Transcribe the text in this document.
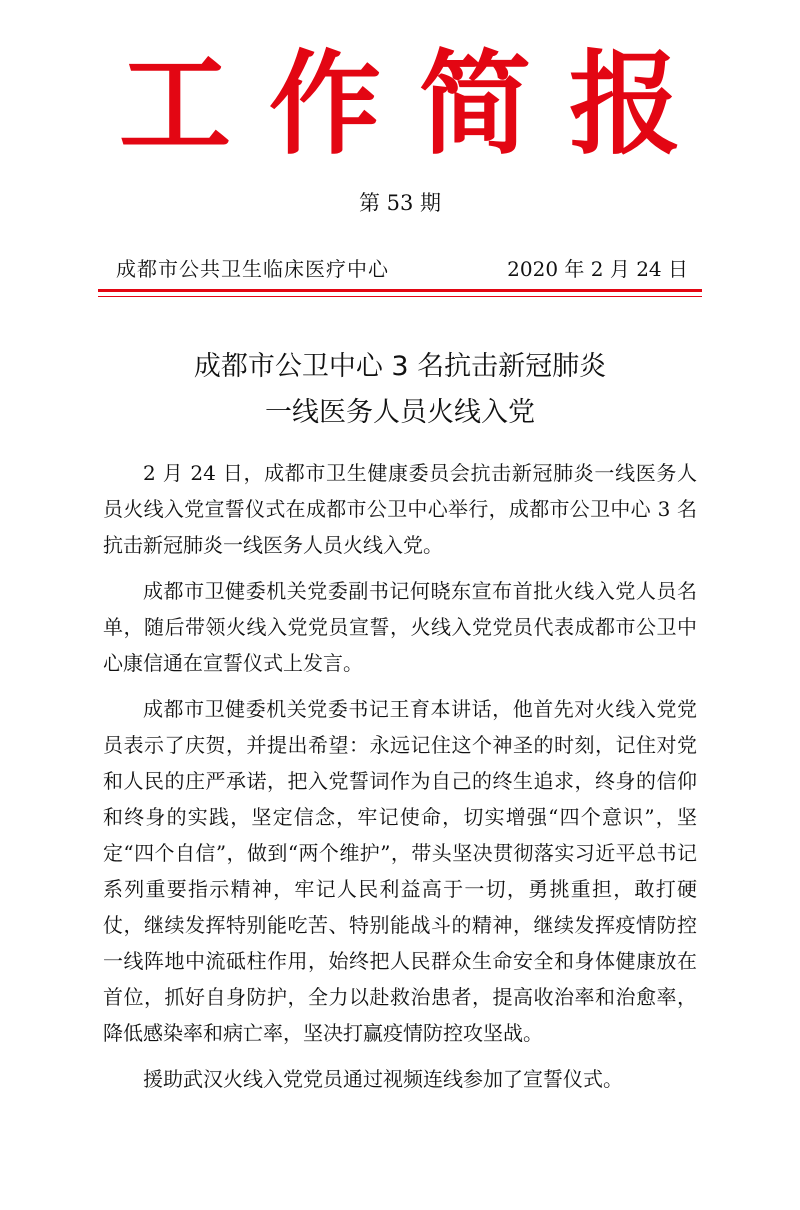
工作简报
第 53 期
成都市公共卫生临床医疗中心	2020 年 2 月 24 日
成都市公卫中心 3 名抗击新冠肺炎
一线医务人员火线入党

2 月 24 日，成都市卫生健康委员会抗击新冠肺炎一线医务人员火线入党宣誓仪式在成都市公卫中心举行，成都市公卫中心 3 名抗击新冠肺炎一线医务人员火线入党。

成都市卫健委机关党委副书记何晓东宣布首批火线入党人员名单，随后带领火线入党党员宣誓，火线入党党员代表成都市公卫中心康信通在宣誓仪式上发言。

成都市卫健委机关党委书记王育本讲话，他首先对火线入党党员表示了庆贺，并提出希望：永远记住这个神圣的时刻，记住对党和人民的庄严承诺，把入党誓词作为自己的终生追求，终身的信仰和终身的实践，坚定信念，牢记使命，切实增强“四个意识”，坚定“四个自信”，做到“两个维护”，带头坚决贯彻落实习近平总书记系列重要指示精神，牢记人民利益高于一切，勇挑重担，敢打硬仗，继续发挥特别能吃苦、特别能战斗的精神，继续发挥疫情防控一线阵地中流砥柱作用，始终把人民群众生命安全和身体健康放在首位，抓好自身防护，全力以赴救治患者，提高收治率和治愈率，降低感染率和病亡率，坚决打赢疫情防控攻坚战。

援助武汉火线入党党员通过视频连线参加了宣誓仪式。
